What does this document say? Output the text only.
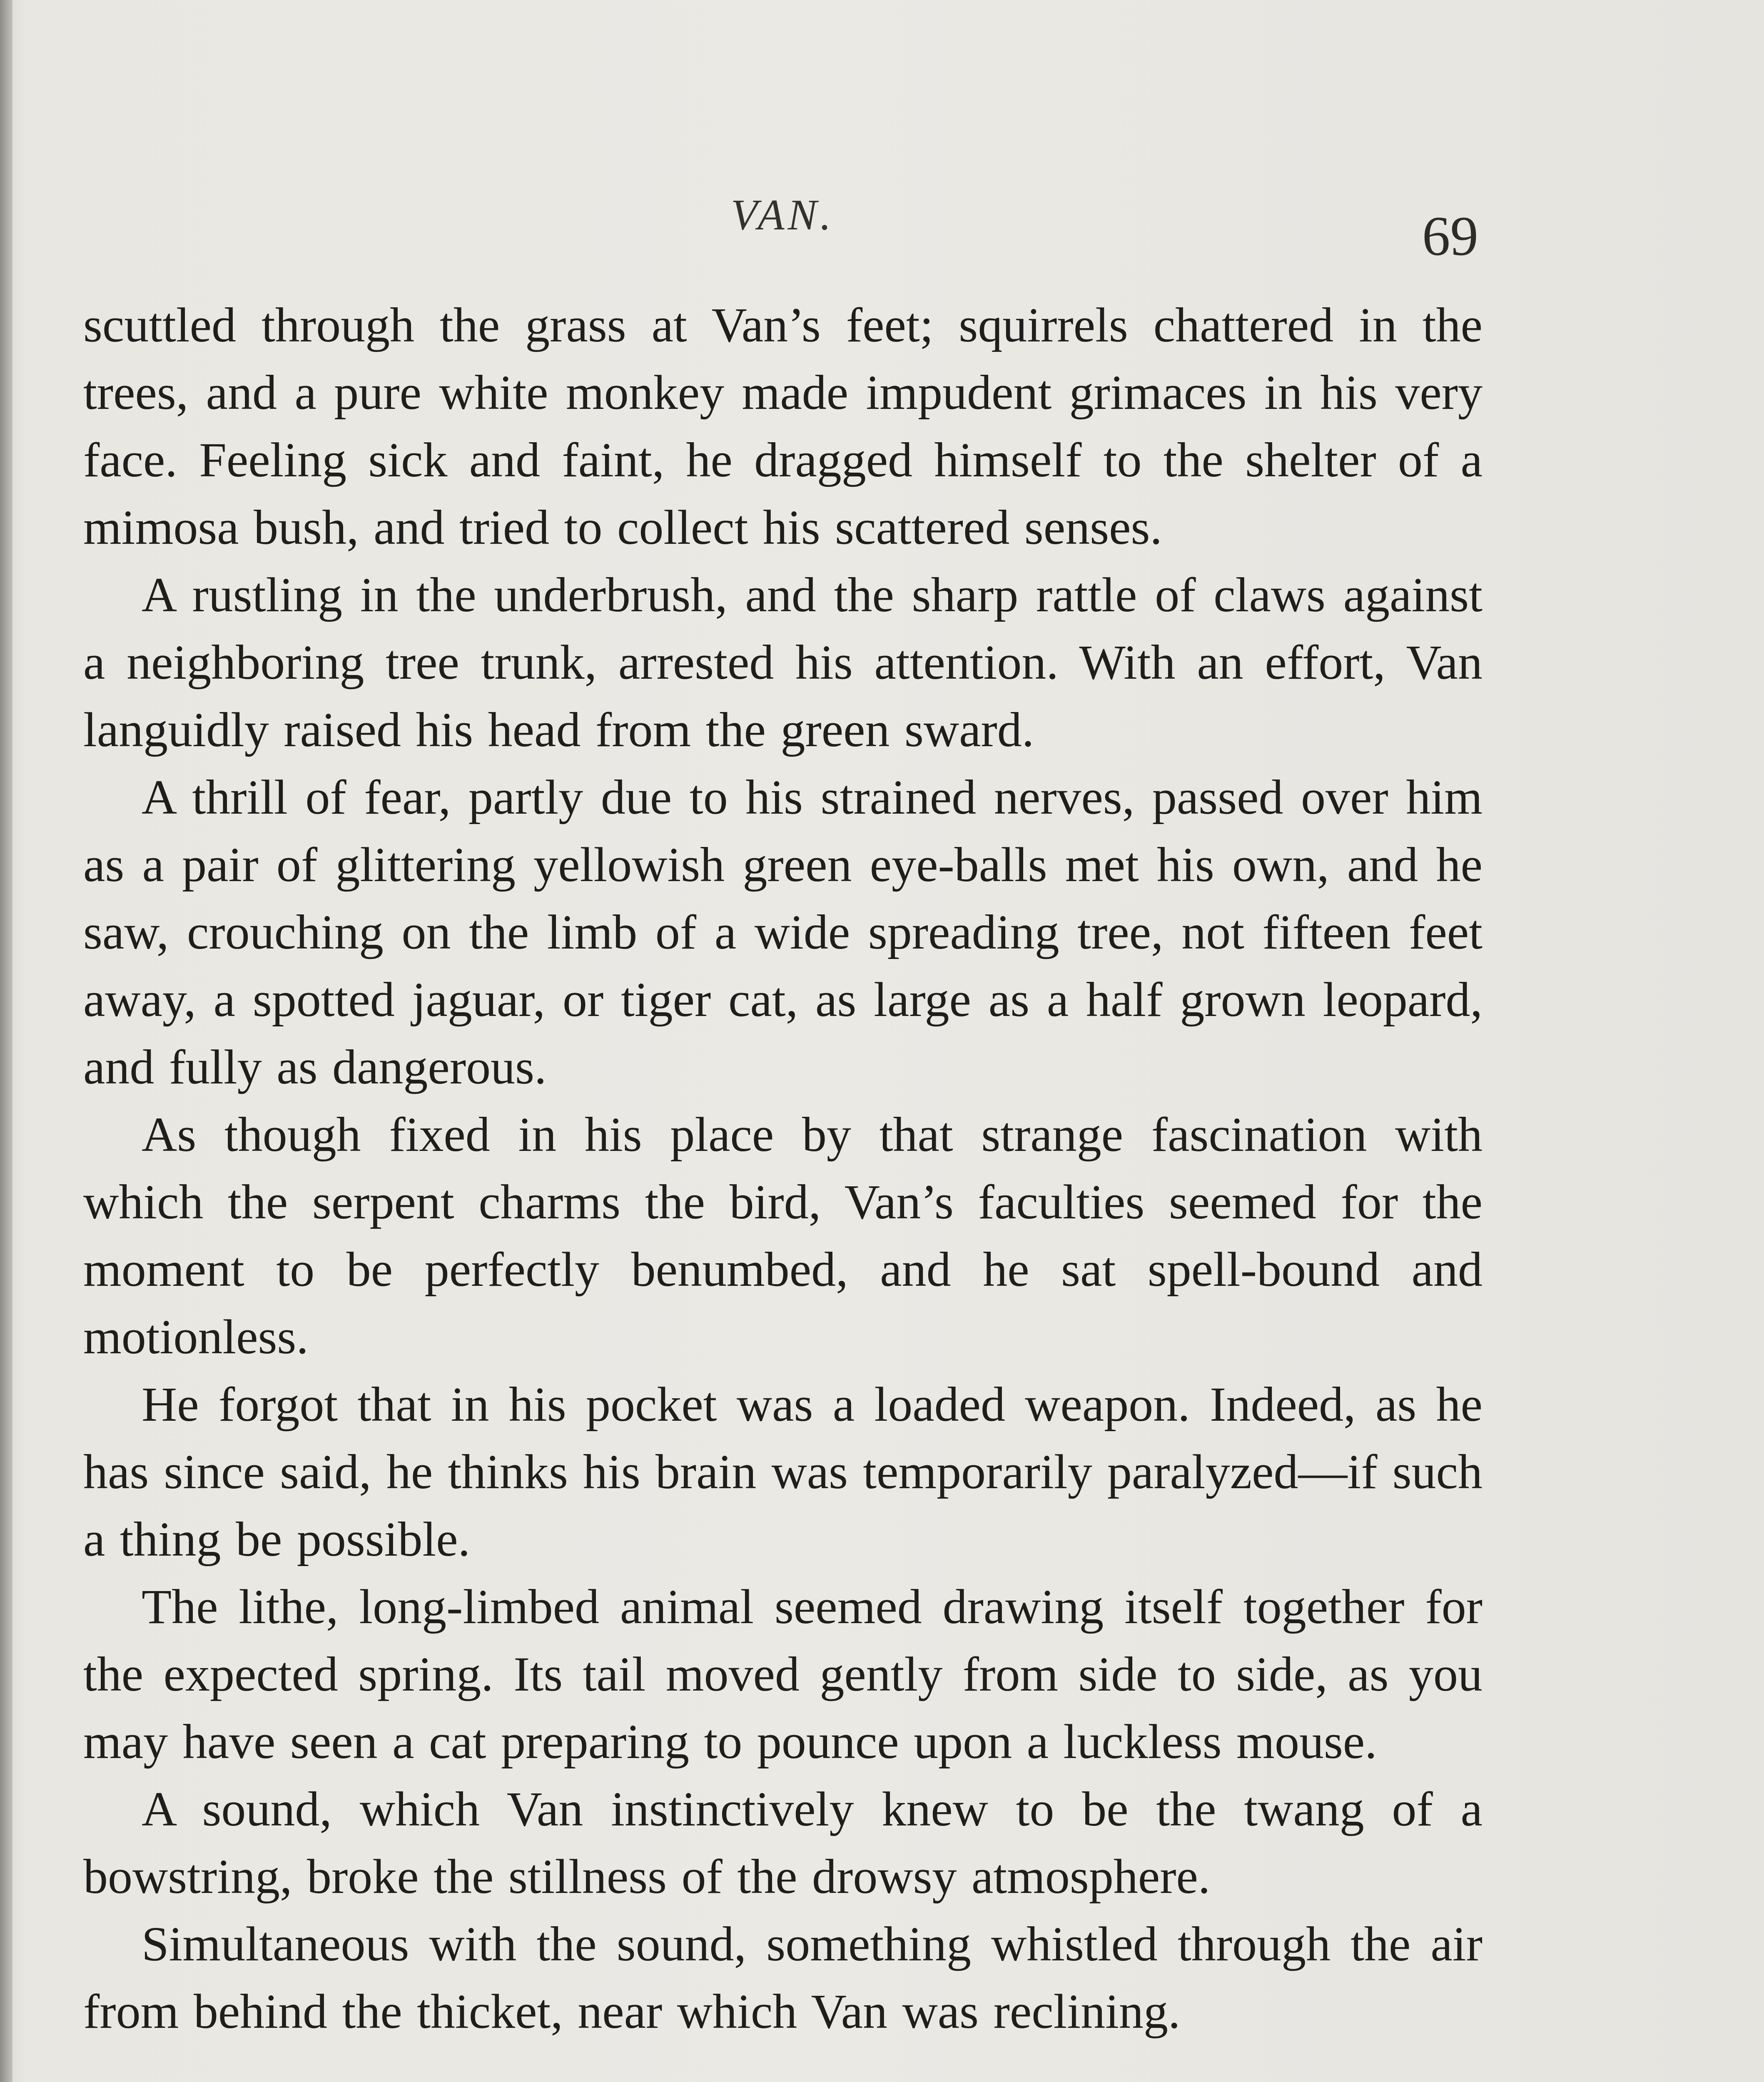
VAN.	69

scuttled through the grass at Van’s feet; squirrels chattered in the trees, and a pure white monkey made impudent grimaces in his very face. Feeling sick and faint, he dragged himself to the shelter of a mimosa bush, and tried to collect his scattered senses.

A rustling in the underbrush, and the sharp rattle of claws against a neighboring tree trunk, arrested his attention. With an effort, Van languidly raised his head from the green sward.

A thrill of fear, partly due to his strained nerves, passed over him as a pair of glittering yellowish green eye-balls met his own, and he saw, crouching on the limb of a wide spreading tree, not fifteen feet away, a spotted jaguar, or tiger cat, as large as a half grown leopard, and fully as dangerous.

As though fixed in his place by that strange fascination with which the serpent charms the bird, Van’s faculties seemed for the moment to be perfectly benumbed, and he sat spell-bound and motionless.

He forgot that in his pocket was a loaded weapon. Indeed, as he has since said, he thinks his brain was temporarily paralyzed—if such a thing be possible.

The lithe, long-limbed animal seemed drawing itself together for the expected spring. Its tail moved gently from side to side, as you may have seen a cat preparing to pounce upon a luckless mouse.

A sound, which Van instinctively knew to be the twang of a bowstring, broke the stillness of the drowsy atmosphere.

Simultaneous with the sound, something whistled through the air from behind the thicket, near which Van was reclining.
